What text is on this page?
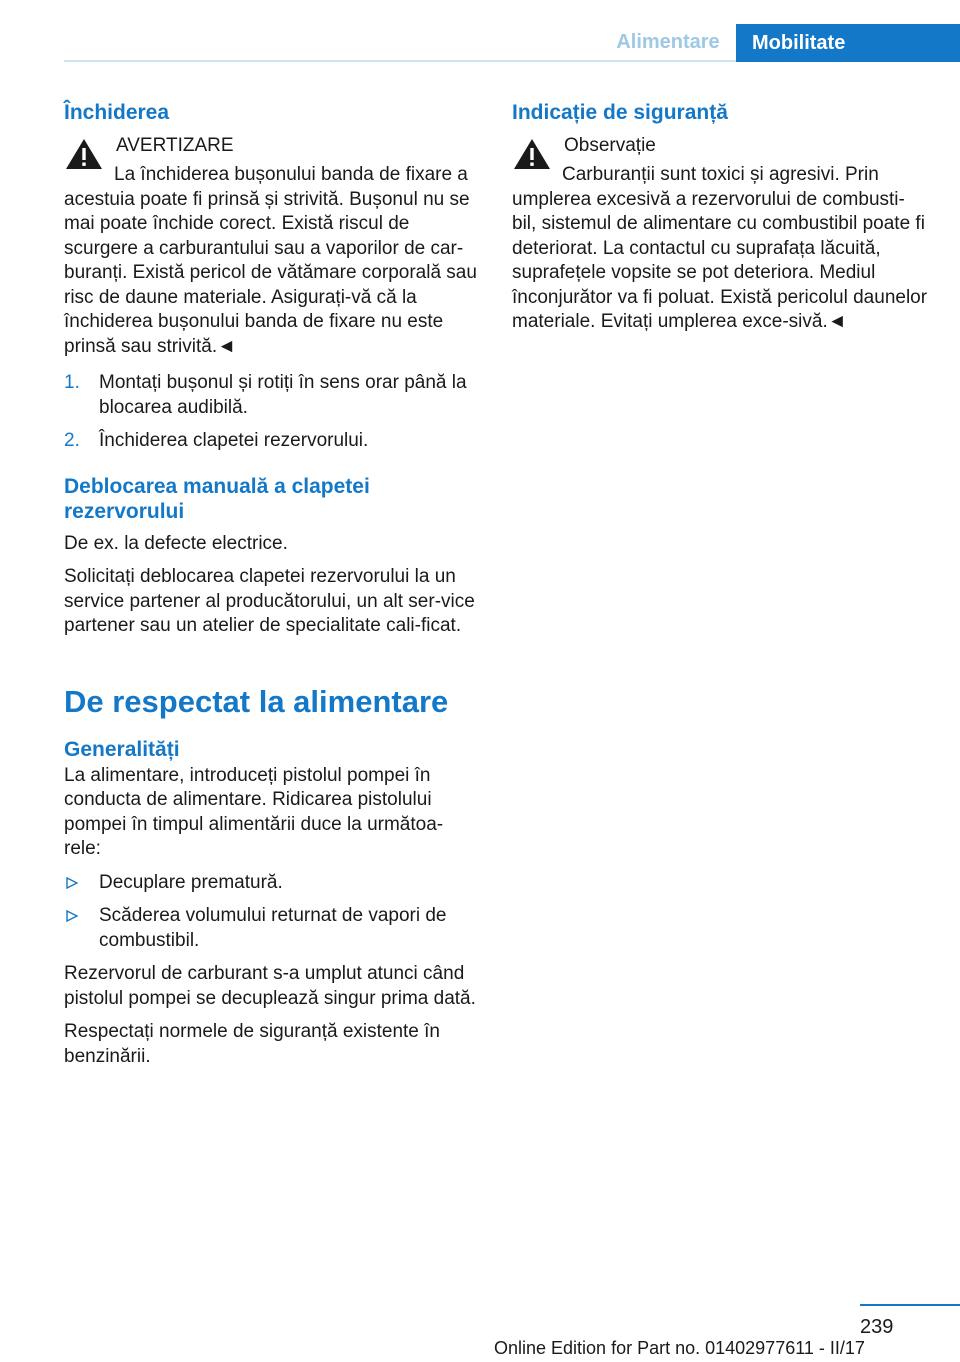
Alimentare	Mobilitate
Închiderea
AVERTIZARE
La închiderea bușonului banda de fixare a acestuia poate fi prinsă și strivită. Bușonul nu se mai poate închide corect. Există riscul de scurgere a carburantului sau a vaporilor de car-buranți. Există pericol de vătămare corporală sau risc de daune materiale. Asigurați-vă că la închiderea bușonului banda de fixare nu este prinsă sau strivită.◄
1. Montați bușonul și rotiți în sens orar până la blocarea audibilă.
2. Închiderea clapetei rezervorului.
Deblocarea manuală a clapetei rezervorului

De ex. la defecte electrice.

Solicitați deblocarea clapetei rezervorului la un service partener al producătorului, un alt ser-vice partener sau un atelier de specialitate cali-ficat.

De respectat la alimentare
Generalități

La alimentare, introduceți pistolul pompei în conducta de alimentare. Ridicarea pistolului pompei în timpul alimentării duce la următoa-rele:

Decuplare prematură.
Scăderea volumului returnat de vapori de combustibil.

Rezervorul de carburant s-a umplut atunci când pistolul pompei se decuplează singur prima dată.

Respectați normele de siguranță existente în benzinării.

Indicație de siguranță
Observație
Carburanții sunt toxici și agresivi. Prin umplerea excesivă a rezervorului de combusti-bil, sistemul de alimentare cu combustibil poate fi deteriorat. La contactul cu suprafața lăcuită, suprafețele vopsite se pot deteriora. Mediul înconjurător va fi poluat. Există pericolul daunelor materiale. Evitați umplerea exce-sivă.◄
239
Online Edition for Part no. 01402977611 - II/17
